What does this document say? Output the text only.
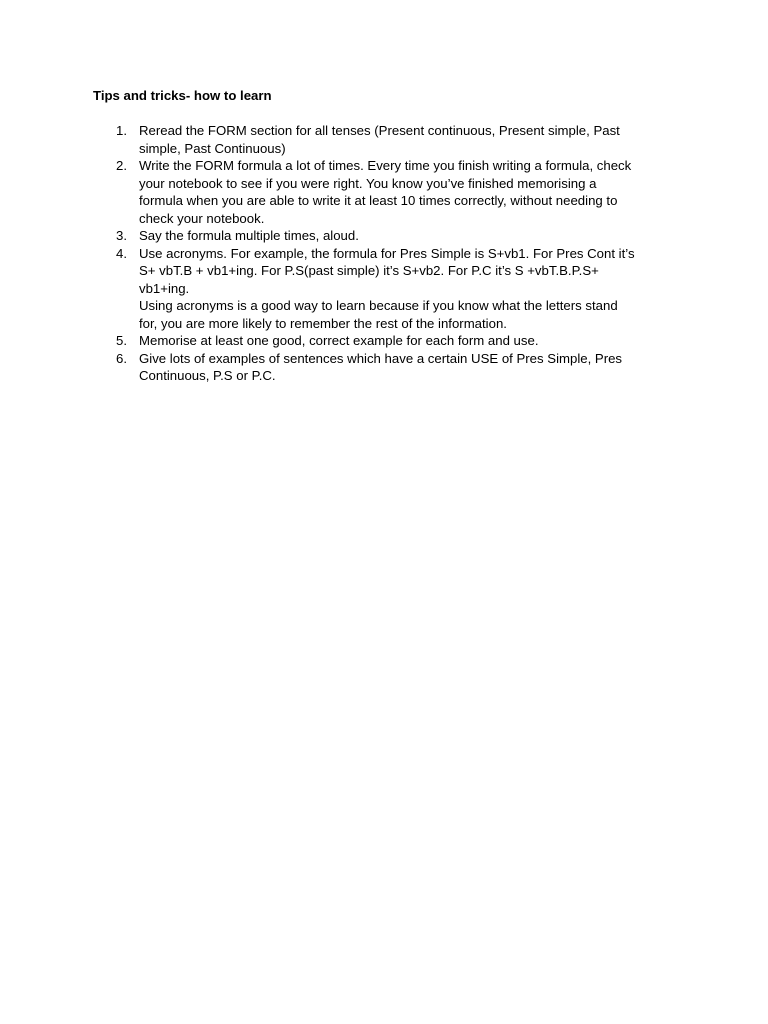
Tips and tricks- how to learn
1. Reread the FORM section for all tenses (Present continuous, Present simple, Past
simple, Past Continuous)
2. Write the FORM formula a lot of times. Every time you finish writing a formula, check
your notebook to see if you were right. You know you’ve finished memorising a
formula when you are able to write it at least 10 times correctly, without needing to
check your notebook.
3. Say the formula multiple times, aloud.
4. Use acronyms. For example, the formula for Pres Simple is S+vb1. For Pres Cont it’s
S+ vbT.B + vb1+ing. For P.S(past simple) it’s S+vb2. For P.C it’s S +vbT.B.P.S+
vb1+ing.
Using acronyms is a good way to learn because if you know what the letters stand
for, you are more likely to remember the rest of the information.
5. Memorise at least one good, correct example for each form and use.
6. Give lots of examples of sentences which have a certain USE of Pres Simple, Pres
Continuous, P.S or P.C.
